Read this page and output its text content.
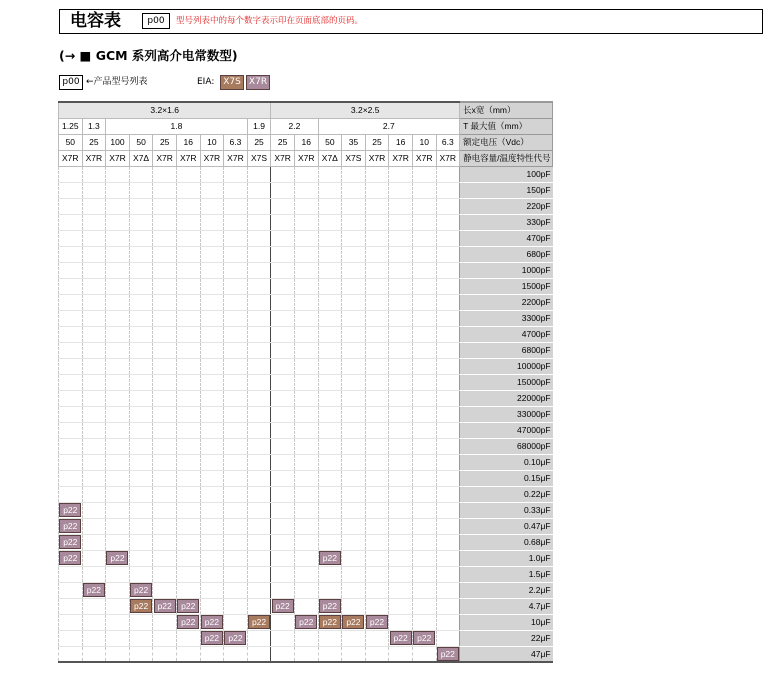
电容表	p00	型号列表中的每个数字表示印在页面底部的页码。
(→ ■ GCM 系列高介电常数型)
p00 ←产品型号列表	EIA: X7S X7R
3.2×1.6									3.2×2.5								长x宽（mm）
1.25	1.3	1.8						1.9	2.2		2.7						T 最大值（mm）
50	25	100	50	25	16	10	6.3	25	25	16	50	35	25	16	10	6.3	额定电压（Vdc）
X7R	X7R	X7R	X7Δ	X7R	X7R	X7R	X7R	X7S	X7R	X7R	X7Δ	X7S	X7R	X7R	X7R	X7R	静电容量/温度特性代号
																	100pF
																	150pF
																	220pF
																	330pF
																	470pF
																	680pF
																	1000pF
																	1500pF
																	2200pF
																	3300pF
																	4700pF
																	6800pF
																	10000pF
																	15000pF
																	22000pF
																	33000pF
																	47000pF
																	68000pF
																	0.10μF
																	0.15μF
																	0.22μF

p22																	0.33μF

p22																	0.47μF

p22																	0.68μF

p22		p22									p22						1.0μF
																	1.5μF

	p22		p22														2.2μF

			p22	p22	p22				p22		p22						4.7μF

					p22	p22		p22		p22	p22	p22	p22				10μF

						p22	p22							p22	p22		22μF

																p22	47μF
